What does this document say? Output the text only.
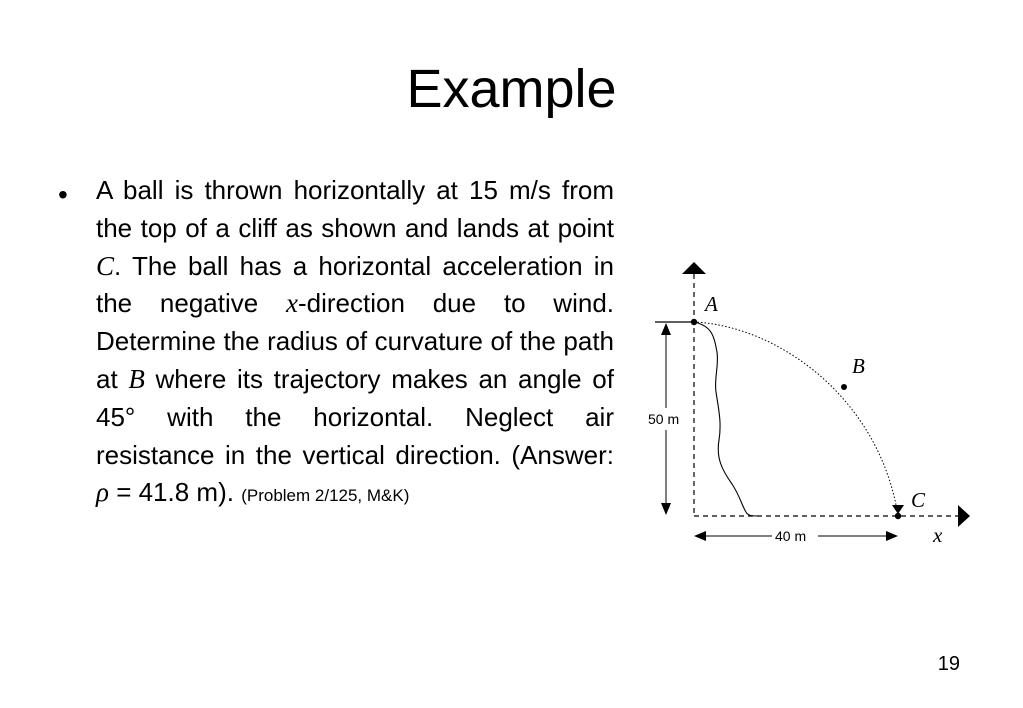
Example
• A ball is thrown horizontally at 15 m/s from the top of a cliff as shown and lands at point C. The ball has a horizontal acceleration in the negative x-direction due to wind. Determine the radius of curvature of the path at B where its trajectory makes an angle of 45° with the horizontal. Neglect air resistance in the vertical direction. (Answer: ρ = 41.8 m). (Problem 2/125, M&K)
A
B
C
x
50 m
40 m
19
